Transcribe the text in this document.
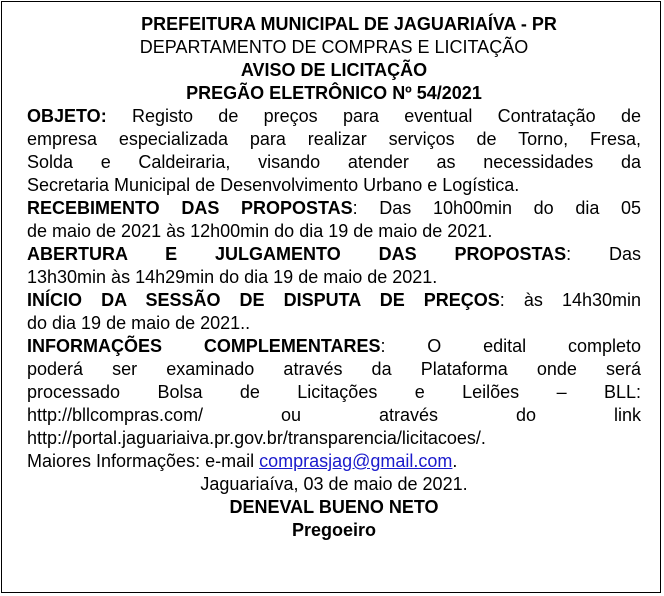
PREFEITURA MUNICIPAL DE JAGUARIAÍVA - PR
DEPARTAMENTO DE COMPRAS E LICITAÇÃO
AVISO DE LICITAÇÃO
PREGÃO ELETRÔNICO Nº 54/2021
OBJETO: Registo de preços para eventual Contratação de
empresa especializada para realizar serviços de Torno, Fresa,
Solda e Caldeiraria, visando atender as necessidades da
Secretaria Municipal de Desenvolvimento Urbano e Logística.
RECEBIMENTO DAS PROPOSTAS: Das 10h00min do dia 05
de maio de 2021 às 12h00min do dia 19 de maio de 2021.
ABERTURA E JULGAMENTO DAS PROPOSTAS: Das
13h30min às 14h29min do dia 19 de maio de 2021.
INÍCIO DA SESSÃO DE DISPUTA DE PREÇOS: às 14h30min
do dia 19 de maio de 2021..
INFORMAÇÕES COMPLEMENTARES: O edital completo
poderá ser examinado através da Plataforma onde será
processado Bolsa de Licitações e Leilões – BLL:
http://bllcompras.com/ ou através do link
http://portal.jaguariaiva.pr.gov.br/transparencia/licitacoes/.
Maiores Informações: e-mail comprasjag@gmail.com.
Jaguariaíva, 03 de maio de 2021.
DENEVAL BUENO NETO
Pregoeiro
